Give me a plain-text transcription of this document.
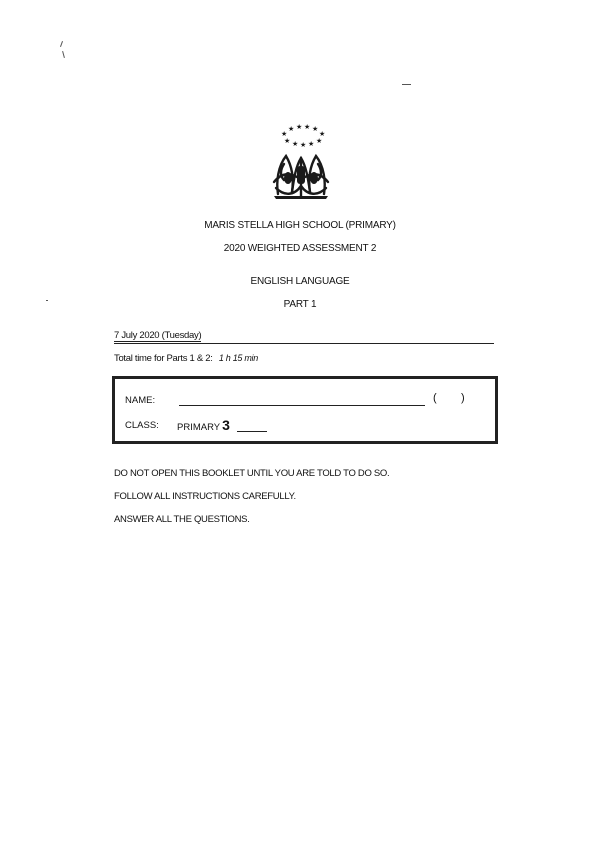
★
★ ★ ★ ★
★
★ ★ ★ ★ ★
MARIS STELLA HIGH SCHOOL (PRIMARY)
2020 WEIGHTED ASSESSMENT 2
ENGLISH LANGUAGE
PART 1
7 July 2020 (Tuesday)
Total time for Parts 1 & 2: 1 h 15 min
NAME:	( )
CLASS: PRIMARY 3
DO NOT OPEN THIS BOOKLET UNTIL YOU ARE TOLD TO DO SO.
FOLLOW ALL INSTRUCTIONS CAREFULLY.
ANSWER ALL THE QUESTIONS.
